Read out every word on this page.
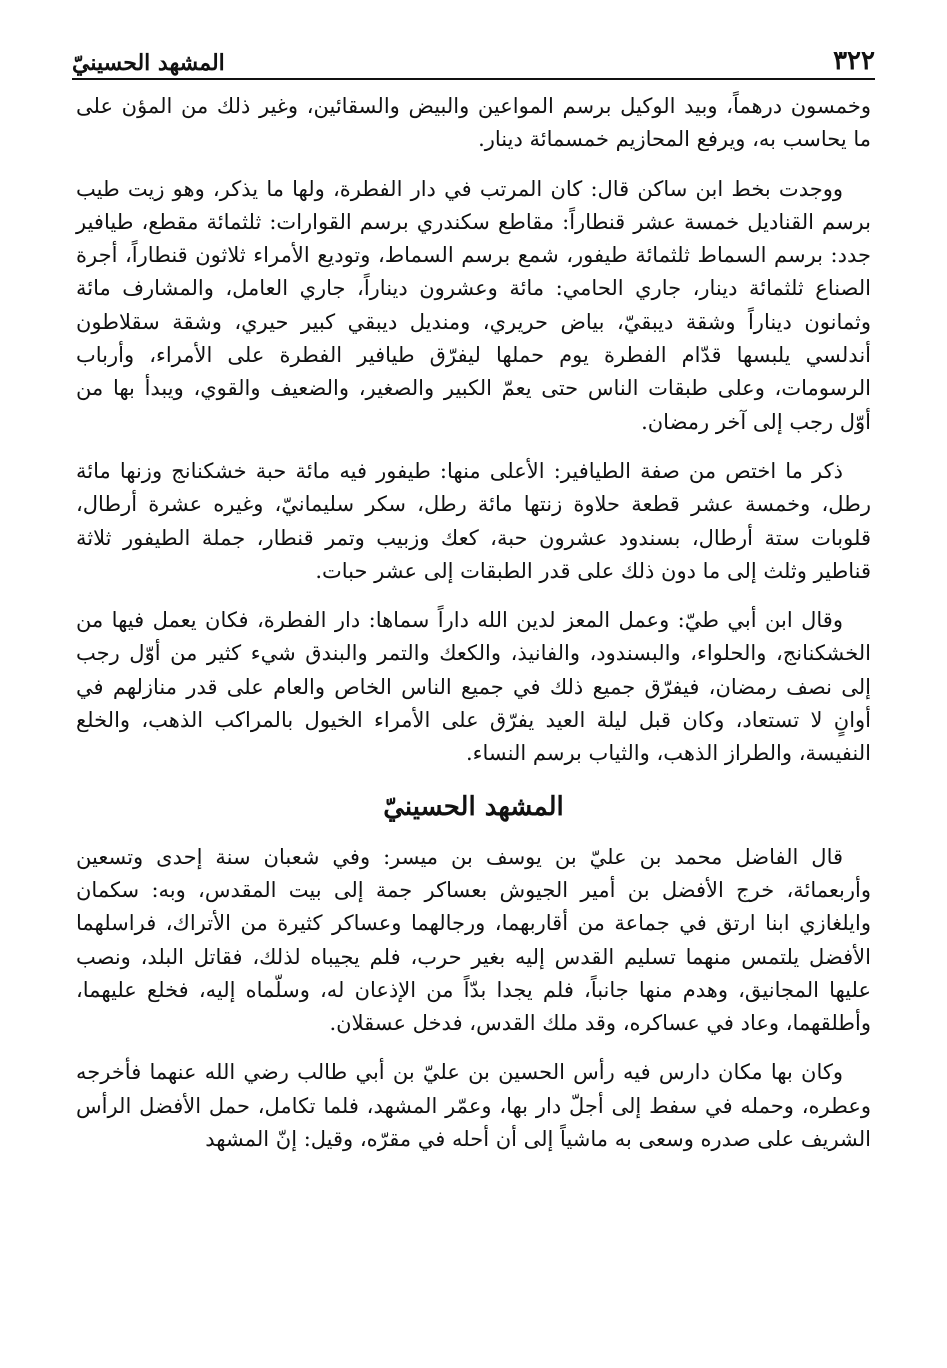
٣٢٢
المشهد الحسينيّ

وخمسون درهماً، وبيد الوكيل برسم المواعين والبيض والسقائين، وغير ذلك من المؤن على ما يحاسب به، ويرفع المحازيم خمسمائة دينار.

ووجدت بخط ابن ساكن قال: كان المرتب في دار الفطرة، ولها ما يذكر، وهو زيت طيب برسم القناديل خمسة عشر قنطاراً: مقاطع سكندري برسم القوارات: ثلثمائة مقطع، طيافير جدد: برسم السماط ثلثمائة طيفور، شمع برسم السماط، وتوديع الأمراء ثلاثون قنطاراً، أجرة الصناع ثلثمائة دينار، جاري الحامي: مائة وعشرون ديناراً، جاري العامل، والمشارف مائة وثمانون ديناراً وشقة ديبقيّ، بياض حريري، ومنديل ديبقي كبير حيري، وشقة سقلاطون أندلسي يلبسها قدّام الفطرة يوم حملها ليفرّق طيافير الفطرة على الأمراء، وأرباب الرسومات، وعلى طبقات الناس حتى يعمّ الكبير والصغير، والضعيف والقوي، ويبدأ بها من أوّل رجب إلى آخر رمضان.

ذكر ما اختص من صفة الطيافير: الأعلى منها: طيفور فيه مائة حبة خشكنانج وزنها مائة رطل، وخمسة عشر قطعة حلاوة زنتها مائة رطل، سكر سليمانيّ، وغيره عشرة أرطال، قلوبات ستة أرطال، بسندود عشرون حبة، كعك وزبيب وتمر قنطار، جملة الطيفور ثلاثة قناطير وثلث إلى ما دون ذلك على قدر الطبقات إلى عشر حبات.

وقال ابن أبي طيّ: وعمل المعز لدين الله داراً سماها: دار الفطرة، فكان يعمل فيها من الخشكنانج، والحلواء، والبسندود، والفانيذ، والكعك والتمر والبندق شيء كثير من أوّل رجب إلى نصف رمضان، فيفرّق جميع ذلك في جميع الناس الخاص والعام على قدر منازلهم في أوانٍ لا تستعاد، وكان قبل ليلة العيد يفرّق على الأمراء الخيول بالمراكب الذهب، والخلع النفيسة، والطراز الذهب، والثياب برسم النساء.

المشهد الحسينيّ

قال الفاضل محمد بن عليّ بن يوسف بن ميسر: وفي شعبان سنة إحدى وتسعين وأربعمائة، خرج الأفضل بن أمير الجيوش بعساكر جمة إلى بيت المقدس، وبه: سكمان وايلغازي ابنا ارتق في جماعة من أقاربهما، ورجالهما وعساكر كثيرة من الأتراك، فراسلهما الأفضل يلتمس منهما تسليم القدس إليه بغير حرب، فلم يجيباه لذلك، فقاتل البلد، ونصب عليها المجانيق، وهدم منها جانباً، فلم يجدا بدّاً من الإذعان له، وسلّماه إليه، فخلع عليهما، وأطلقهما، وعاد في عساكره، وقد ملك القدس، فدخل عسقلان.

وكان بها مكان دارس فيه رأس الحسين بن عليّ بن أبي طالب رضي الله عنهما فأخرجه وعطره، وحمله في سفط إلى أجلّ دار بها، وعمّر المشهد، فلما تكامل، حمل الأفضل الرأس الشريف على صدره وسعى به ماشياً إلى أن أحله في مقرّه، وقيل: إنّ المشهد
